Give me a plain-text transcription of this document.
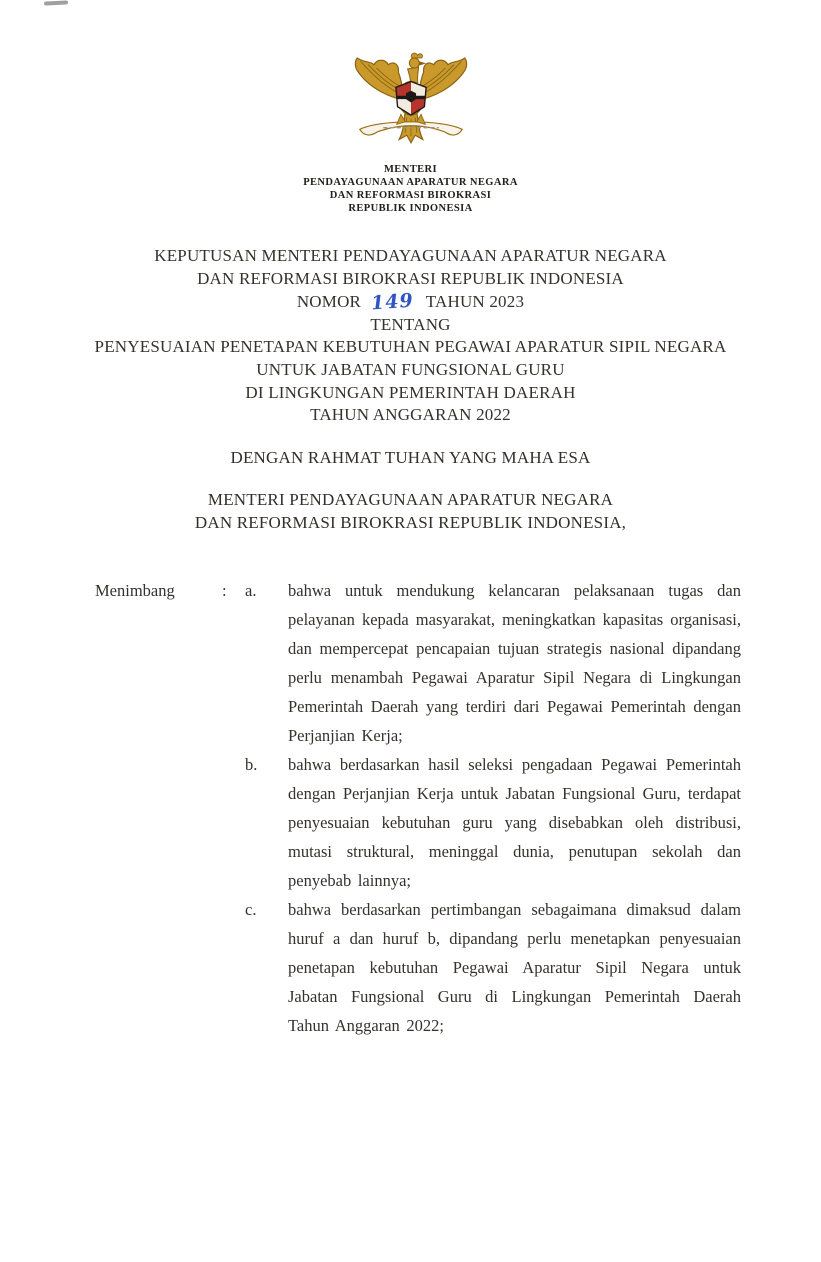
MENTERI
PENDAYAGUNAAN APARATUR NEGARA
DAN REFORMASI BIROKRASI
REPUBLIK INDONESIA
KEPUTUSAN MENTERI PENDAYAGUNAAN APARATUR NEGARA
DAN REFORMASI BIROKRASI REPUBLIK INDONESIA
NOMOR 149 TAHUN 2023
TENTANG
PENYESUAIAN PENETAPAN KEBUTUHAN PEGAWAI APARATUR SIPIL NEGARA
UNTUK JABATAN FUNGSIONAL GURU
DI LINGKUNGAN PEMERINTAH DAERAH
TAHUN ANGGARAN 2022
DENGAN RAHMAT TUHAN YANG MAHA ESA
MENTERI PENDAYAGUNAAN APARATUR NEGARA
DAN REFORMASI BIROKRASI REPUBLIK INDONESIA,
Menimbang	:	a.	bahwa untuk mendukung kelancaran pelaksanaan tugas dan pelayanan kepada masyarakat, meningkatkan kapasitas organisasi, dan mempercepat pencapaian tujuan strategis nasional dipandang perlu menambah Pegawai Aparatur Sipil Negara di Lingkungan Pemerintah Daerah yang terdiri dari Pegawai Pemerintah dengan Perjanjian Kerja;
b.	bahwa berdasarkan hasil seleksi pengadaan Pegawai Pemerintah dengan Perjanjian Kerja untuk Jabatan Fungsional Guru, terdapat penyesuaian kebutuhan guru yang disebabkan oleh distribusi, mutasi struktural, meninggal dunia, penutupan sekolah dan penyebab lainnya;
c.	bahwa berdasarkan pertimbangan sebagaimana dimaksud dalam huruf a dan huruf b, dipandang perlu menetapkan penyesuaian penetapan kebutuhan Pegawai Aparatur Sipil Negara untuk Jabatan Fungsional Guru di Lingkungan Pemerintah Daerah Tahun Anggaran 2022;
